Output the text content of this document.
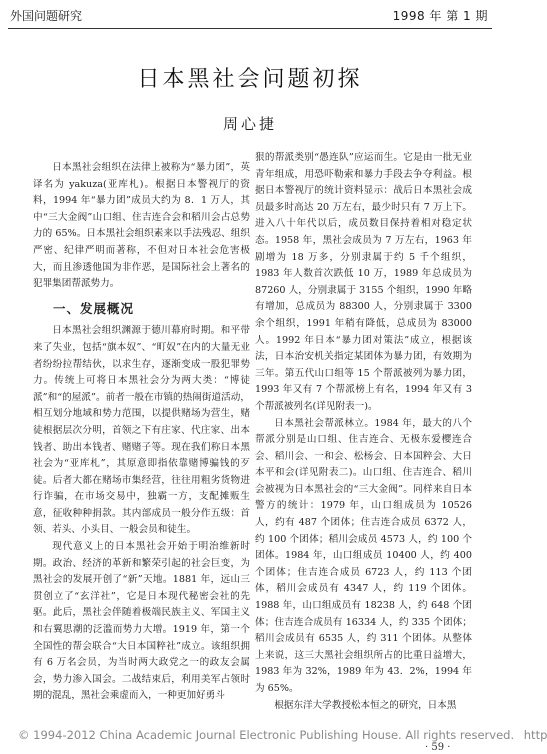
外国问题研究	1998 年 第 1 期
日本黑社会问题初探
周心捷

日本黑社会组织在法律上被称为“暴力团”，英译名为 yakuza(亚库札)。根据日本警视厅的资料，1994 年“暴力团”成员大约为 8．1 万人，其中“三大金阀”山口组、住吉连合会和稻川会占总势力的 65%。日本黑社会组织素来以手法残忍、组织严密、纪律严明而著称，不但对日本社会危害极大，而且渗透他国为非作恶，是国际社会上著名的犯罪集团帮派势力。

一、发展概况

日本黑社会组织渊源于德川幕府时期。和平带来了失业，包括“旗本奴”、“町奴”在内的大量无业者纷纷拉帮结伙，以求生存，逐渐变成一股犯罪势力。传统上可将日本黑社会分为两大类：“博徒派”和“的屋派”。前者一般在市镇的热闹街道活动，相互划分地域和势力范围，以提供赌场为营生，赌徒根据层次分明，首领之下有庄家、代庄家、出本钱者、助出本钱者、赌赌子等。现在我们称日本黑社会为“亚库札”，其原意即指依靠赌博骗钱的歹徒。后者大都在赌场市集经营，往往用粗劣货物进行诈骗，在市场交易中，独霸一方，支配摊贩生意，征收种种捐款。其内部成员一般分作五级：首领、若头、小头目、一般会员和徒生。

现代意义上的日本黑社会开始于明治维新时期。政治、经济的革新和繁荣引起的社会巨变，为黑社会的发展开创了“新”天地。1881 年，远山三贯创立了“玄洋社”，它是日本现代秘密会社的先驱。此后，黑社会伴随着极端民族主义、军国主义和右翼思潮的泛滥而势力大增。1919 年，第一个全国性的帮会联合“大日本国粹社”成立。该组织拥有 6 万名会员，为当时两大政党之一的政友会属会，势力渗入国会。二战结束后，利用美军占领时期的混乱，黑社会乘虚而入，一种更加好勇斗

狠的帮派类别“愚连队”应运而生。它是由一批无业青年组成，用恐吓勒索和暴力手段去争夺利益。根据日本警视厅的统计资料显示：战后日本黑社会成员最多时高达 20 万左右，最少时只有 7 万上下。进入八十年代以后，成员数目保持着相对稳定状态。1958 年，黑社会成员为 7 万左右，1963 年剧增为 18 万多，分别隶属于约 5 千个组织，1983 年人数首次跌低 10 万，1989 年总成员为 87260 人，分别隶属于 3155 个组织，1990 年略有增加，总成员为 88300 人，分别隶属于 3300 余个组织，1991 年稍有降低，总成员为 83000 人。1992 年日本“暴力团对策法”成立，根据该法，日本治安机关指定某团体为暴力团，有效期为三年。第五代山口组等 15 个帮派被列为暴力团，1993 年又有 7 个帮派榜上有名，1994 年又有 3 个帮派被列名(详见附表一)。

日本黑社会帮派林立。1984 年，最大的八个帮派分别是山口组、住吉连合、无极东爱樱连合会、稻川会、一和会、松杨会、日本国粹会、大日本平和会(详见附表二)。山口组、住吉连合、稻川会被视为日本黑社会的“三大金阀”。同样来自日本警方的统计：1979 年，山口组成员为 10526 人，约有 487 个团体；住吉连合成员 6372 人，约 100 个团体；稻川会成员 4573 人，约 100 个团体。1984 年，山口组成员 10400 人，约 400 个团体；住吉连合成员 6723 人，约 113 个团体，稻川会成员有 4347 人，约 119 个团体。1988 年，山口组成员有 18238 人，约 648 个团体；住吉连合成员有 16334 人，约 335 个团体；稻川会成员有 6535 人，约 311 个团体。从整体上来说，这三大黑社会组织所占的比重日益增大，1983 年为 32%，1989 年为 43．2%，1994 年为 65%。

根据东洋大学教授松本恒之的研究，日本黑

© 1994-2012 China Academic Journal Electronic Publishing House. All rights reserved. http
· 59 ·
